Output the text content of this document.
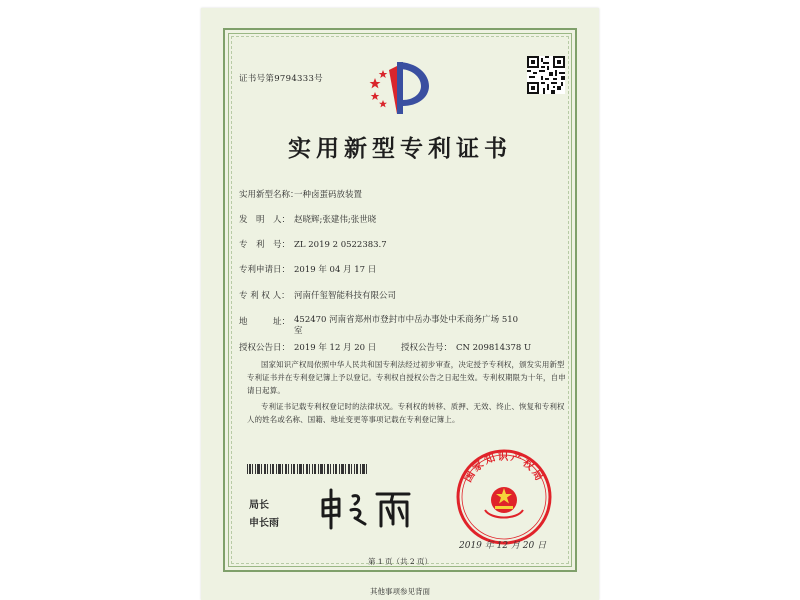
证书号第9794333号
实用新型专利证书
实用新型名称：一种卤蛋码放装置
发　明　人： 赵晓辉;张建伟;张世晓
专　利　号： ZL 2019 2 0522383.7
专利申请日： 2019 年 04 月 17 日
专 利 权 人： 河南仟玺智能科技有限公司
地　　　址： 452470 河南省郑州市登封市中岳办事处中禾商务广场 510 室
授权公告日： 2019 年 12 月 20 日	授权公告号： CN 209814378 U
国家知识产权局依照中华人民共和国专利法经过初步审查，决定授予专利权，颁发实用新型专利证书并在专利登记簿上予以登记。专利权自授权公告之日起生效。专利权期限为十年，自申请日起算。
专利证书记载专利权登记时的法律状况。专利权的转移、质押、无效、终止、恢复和专利权人的姓名或名称、国籍、地址变更等事项记载在专利登记簿上。
局长
申长雨
国家知识产权局
2019 年 12 月 20 日
第 1 页（共 2 页）
其他事项参见背面
